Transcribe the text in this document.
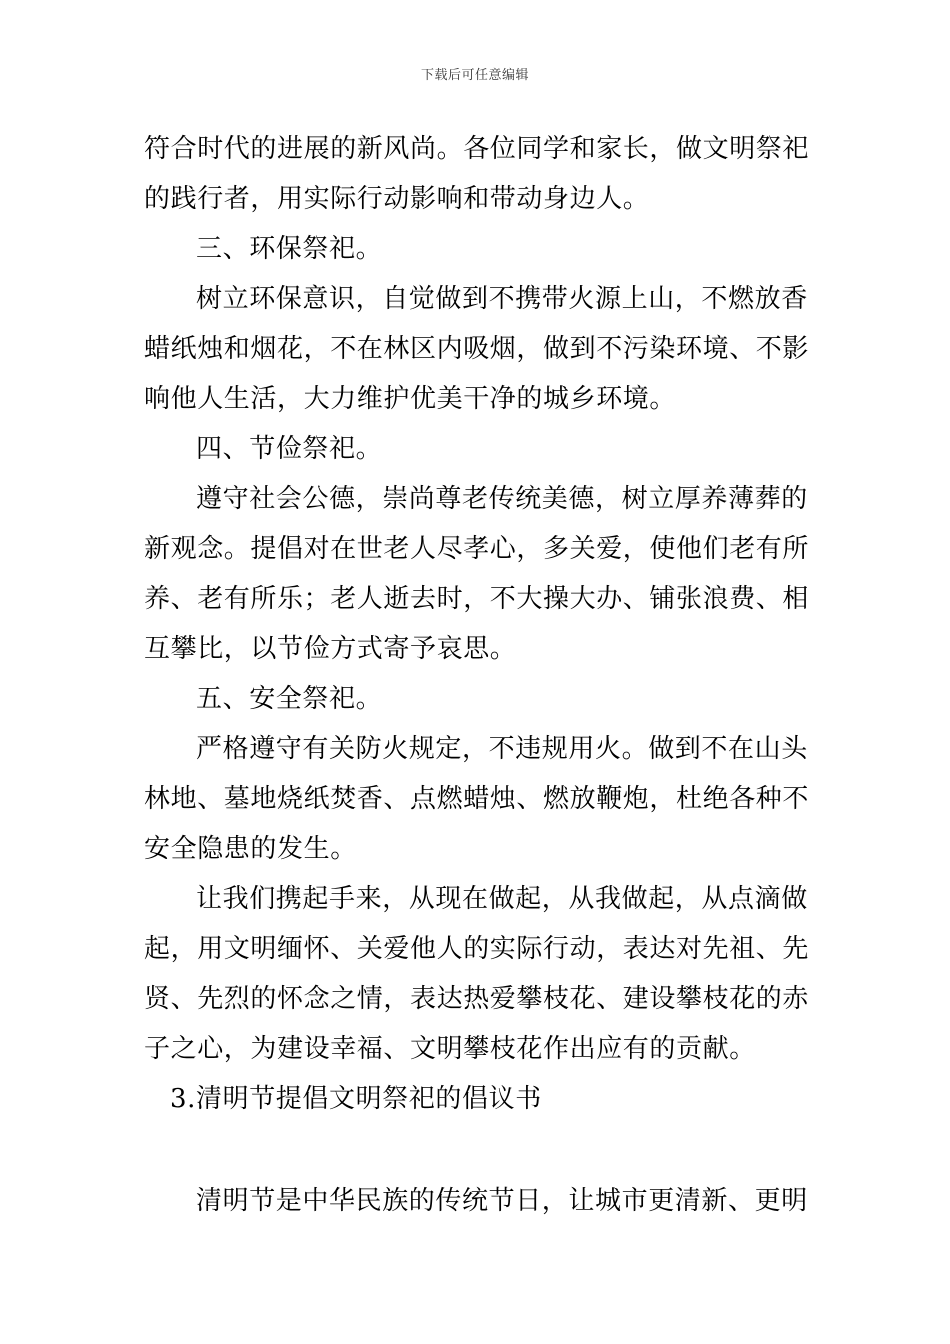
下载后可任意编辑
符合时代的进展的新风尚。各位同学和家长，做文明祭祀
的践行者，用实际行动影响和带动身边人。
三、环保祭祀。
树立环保意识，自觉做到不携带火源上山，不燃放香
蜡纸烛和烟花，不在林区内吸烟，做到不污染环境、不影
响他人生活，大力维护优美干净的城乡环境。
四、节俭祭祀。
遵守社会公德，崇尚尊老传统美德，树立厚养薄葬的
新观念。提倡对在世老人尽孝心，多关爱，使他们老有所
养、老有所乐；老人逝去时，不大操大办、铺张浪费、相
互攀比，以节俭方式寄予哀思。
五、安全祭祀。
严格遵守有关防火规定，不违规用火。做到不在山头
林地、墓地烧纸焚香、点燃蜡烛、燃放鞭炮，杜绝各种不
安全隐患的发生。
让我们携起手来，从现在做起，从我做起，从点滴做
起，用文明缅怀、关爱他人的实际行动，表达对先祖、先
贤、先烈的怀念之情，表达热爱攀枝花、建设攀枝花的赤
子之心，为建设幸福、文明攀枝花作出应有的贡献。
3.清明节提倡文明祭祀的倡议书
清明节是中华民族的传统节日，让城市更清新、更明
